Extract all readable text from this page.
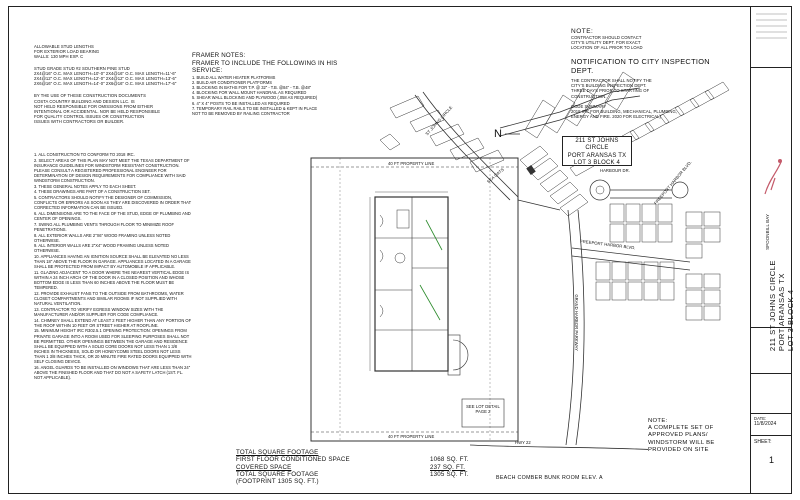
ALLOWABLE STUD LENGTHS
FOR EXTERIOR LOAD BEARING
WALLS: 130 MPH EXP. C
STUD GRADE STUD #2 SOUTHERN PINE STUD
2X4@16" O.C. MAX LENGTH=10'-0" 2X4@16" O.C. MAX LENGTH=11'-6"
2X4@12" O.C. MAX LENGTH=12'-0" 2X4@12" O.C. MAX LENGTH=13'-6"
2X6@16" O.C. MAX LENGTH=14'-0" 2X6@16" O.C. MAX LENGTH=17'-6"
BY THE USE OF THESE CONSTRUCTION DOCUMENTS
COSTA COUNTRY BUILDING AND DESIGN LLC. IS
NOT HELD RESPONSIBLE FOR OMISSIONS FROM EITHER
INTENTIONAL OR ACCIDENTAL. NOR BE HELD RESPONSIBLE
FOR QUALITY CONTROL ISSUES OR CONSTRUCTION
ISSUES WITH CONTRACTORS OR BUILDER.
1. ALL CONSTRUCTION TO CONFORM TO 2018 IRC.
2. SELECT AREAS OF THIS PLAN MAY NOT MEET THE TEXAS DEPARTMENT OF INSURANCE GUIDELINES FOR WINDSTORM RESISTANT CONSTRUCTION. PLEASE CONSULT A REGISTERED PROFESSIONAL ENGINEER FOR DETERMINATION OF DESIGN REQUIREMENTS FOR COMPLIANCE WITH SAID WINDSTORM CONSTRUCTION.
3. THESE GENERAL NOTES APPLY TO EACH SHEET.
4. THESE DRAWINGS ARE PART OF A CONSTRUCTION SET.
5. CONTRACTORS SHOULD NOTIFY THE DESIGNER OF COMMISSION, CONFLICTS OR ERRORS AS SOON AS THEY ARE DISCOVERED IN ORDER THAT CORRECTED INFORMATION CAN BE ISSUED.
6. ALL DIMENSIONS ARE TO THE FACE OF THE STUD, EDGE OF PLUMBING AND CENTER OF OPENINGS.
7. SWING ALL PLUMBING VENTS THROUGH FLOOR TO MINIMIZE ROOF PENETRATIONS.
8. ALL EXTERIOR WALLS ARE 2"X6" WOOD FRAMING UNLESS NOTED OTHERWISE.
9. ALL INTERIOR WALLS ARE 2"X4" WOOD FRAMING UNLESS NOTED OTHERWISE.
10. APPLIANCES HAVING AN IGNITION SOURCE SHALL BE ELEVATED NO LESS THAN 18" ABOVE THE FLOOR IN GARAGE. APPLIANCES LOCATED IN A GARAGE SHALL BE PROTECTED FROM IMPACT BY AUTOMOBILE IF APPLICABLE.
11. GLAZING ADJACENT TO A DOOR WHERE THE NEAREST VERTICAL EDGE IS WITHIN A 24 INCH ARCH OF THE DOOR IN A CLOSED POSITION AND WHOSE BOTTOM EDGE IS LESS THAN 60 INCHES ABOVE THE FLOOR MUST BE TEMPERED.
12. PROVIDE EXHAUST FANS TO THE OUTSIDE FROM BATHROOMS, WATER CLOSET COMPARTMENTS AND SIMILAR ROOMS IF NOT SUPPLIED WITH NATURAL VENTILATION.
13. CONTRACTOR TO VERIFY EGRESS WINDOW SIZES WITH THE MANUFACTURER AND/OR SUPPLIER FOR CODE COMPLIANCE.
14. CHIMNEY SHALL EXTEND AT LEAST 2 FEET HIGHER THAN ANY PORTION OF THE ROOF WITHIN 10 FEET OR STREET HIGHER AT ROOFLINE.
15. MINIMUM HEIGHT IRC R302.5.1 OPENING PROTECTION: OPENINGS FROM PRIVATE GARAGE INTO A ROOM USED FOR SLEEPING PURPOSES SHALL NOT BE PERMITTED. OTHER OPENINGS BETWEEN THE GARAGE AND RESIDENCE SHALL BE EQUIPPED WITH A SOLID CORE DOORS NOT LESS THAN 1 3/8 INCHES IN THICKNESS, SOLID OR HONEYCOMB STEEL DOORS NOT LESS THAN 1 3/8 INCHES THICK, OR 20 MINUTE FIRE RATED DOORS EQUIPPED WITH SELF CLOSING DEVICE.
16. ANGEL GUARDS TO BE INSTALLED ON WINDOWS THAT ARE LESS THAN 24" ABOVE THE FINISHED FLOOR AND THAT DO NOT A SAFETY LATCH (1ST. FL. NOT APPLICABLE).
FRAMER NOTES:
FRAMER TO INCLUDE THE FOLLOWING IN HIS SERVICE:
1. BUILD ALL WATER HEATER PLATFORMS
2. BUILD AIR CONDITIONER PLATFORMS
3. BLOCKING IN BATHS FOR T.P. @ 32" - T.B. @84" - T.B. @48"
4. BLOCKING FOR WALL MOUNT HANDRAIL AS REQUIRED
5. SHEAR WALL BLOCKING AND PLYWOOD (.058 AS REQUIRED)
6. 4" X 4" POSTS TO BE INSTALLED AS REQUIRED
7. TEMPORARY RAIL RAILS TO BE INSTALLED & KEPT IN PLACE
NOT TO BE REMOVED BY RAILING CONTRACTOR
N
ST JOHNS CIRCLE
HARBOUR DR.
FREEPORT HARBOR BLVD.
FREEPORT HARBOR BLVD.
GRAND HARBOR PARKWAY
HWY 22
SEA OATS
40 FT PROPERTY LINE
40 FT PROPERTY LINE
SEE LOT DETAIL PAGE 2
NOTE:
CONTRACTOR SHOULD CONTACT
CITY'S UTILITY DEPT. FOR EXACT
LOCATION OF ALL PRIOR TO LOAD
NOTIFICATION TO CITY INSPECTION DEPT.
THE CONTRACTOR SHALL NOTIFY THE
CITY'S BUILDING INSPECTION DEPT.
THREE DAYS PRIOR TO STARTING OF
CONSTRUCTION.

CODE SUMMARY
2018 IRC FOR BUILDING, MECHANICAL, PLUMBING,
ENERGY AND FIRE. 2020 FOR ELECTRICAL)
211 ST JOHNS CIRCLE
PORT ARANSAS TX
LOT 3 BLOCK 4
TOTAL SQUARE FOOTAGE
FIRST FLOOR CONDITIONED SPACE	1068 SQ. FT.
COVERED SPACE	237 SQ. FT.
TOTAL SQUARE FOOTAGE	1305 SQ. FT.
(FOOTPRINT 1305 SQ. FT.)
NOTE:
A COMPLETE SET OF
APPROVED PLANS/
WINDSTORM WILL BE
PROVIDED ON SITE
BEACH COMBER BUNK ROOM ELEV. A
SPOONBILL BAY
DATE:
11/8/2024
SHEET:
1
211 ST JOHNS CIRCLE
PORT ARANSAS TX
LOT 3 BLOCK 4
